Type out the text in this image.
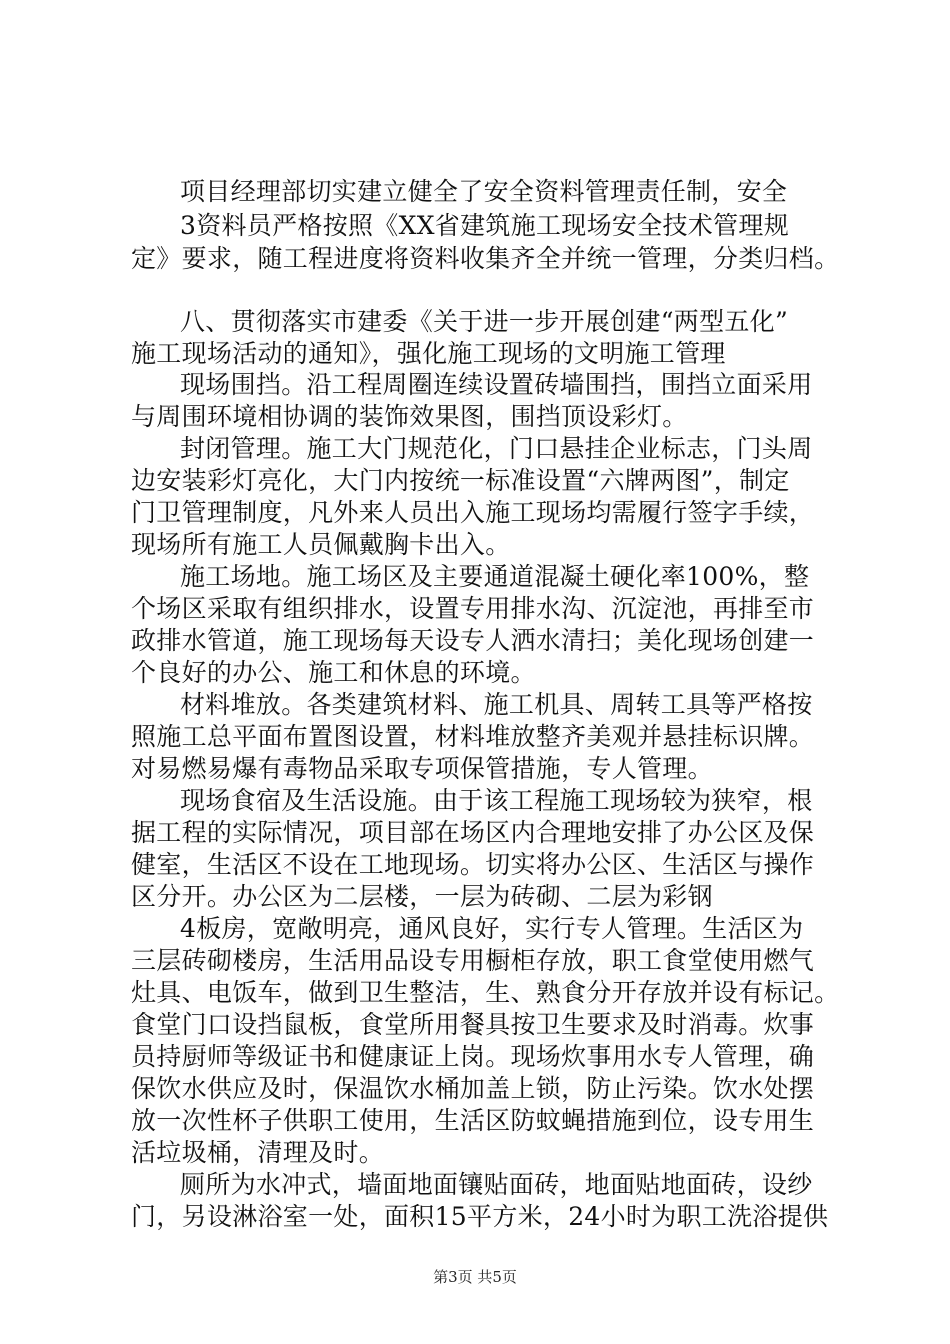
项目经理部切实建立健全了安全资料管理责任制，安全
3资料员严格按照《XX省建筑施工现场安全技术管理规
定》要求，随工程进度将资料收集齐全并统一管理，分类归档。
八、贯彻落实市建委《关于进一步开展创建“两型五化”
施工现场活动的通知》，强化施工现场的文明施工管理
现场围挡。沿工程周圈连续设置砖墙围挡，围挡立面采用
与周围环境相协调的装饰效果图，围挡顶设彩灯。
封闭管理。施工大门规范化，门口悬挂企业标志，门头周
边安装彩灯亮化，大门内按统一标准设置“六牌两图”，制定
门卫管理制度，凡外来人员出入施工现场均需履行签字手续，
现场所有施工人员佩戴胸卡出入。
施工场地。施工场区及主要通道混凝土硬化率100%，整
个场区采取有组织排水，设置专用排水沟、沉淀池，再排至市
政排水管道，施工现场每天设专人洒水清扫；美化现场创建一
个良好的办公、施工和休息的环境。
材料堆放。各类建筑材料、施工机具、周转工具等严格按
照施工总平面布置图设置，材料堆放整齐美观并悬挂标识牌。
对易燃易爆有毒物品采取专项保管措施，专人管理。
现场食宿及生活设施。由于该工程施工现场较为狭窄，根
据工程的实际情况，项目部在场区内合理地安排了办公区及保
健室，生活区不设在工地现场。切实将办公区、生活区与操作
区分开。办公区为二层楼，一层为砖砌、二层为彩钢
4板房，宽敞明亮，通风良好，实行专人管理。生活区为
三层砖砌楼房，生活用品设专用橱柜存放，职工食堂使用燃气
灶具、电饭车，做到卫生整洁，生、熟食分开存放并设有标记。
食堂门口设挡鼠板，食堂所用餐具按卫生要求及时消毒。炊事
员持厨师等级证书和健康证上岗。现场炊事用水专人管理，确
保饮水供应及时，保温饮水桶加盖上锁，防止污染。饮水处摆
放一次性杯子供职工使用，生活区防蚊蝇措施到位，设专用生
活垃圾桶，清理及时。
厕所为水冲式，墙面地面镶贴面砖，地面贴地面砖，设纱
门，另设淋浴室一处，面积15平方米，24小时为职工洗浴提供
第3页 共5页
